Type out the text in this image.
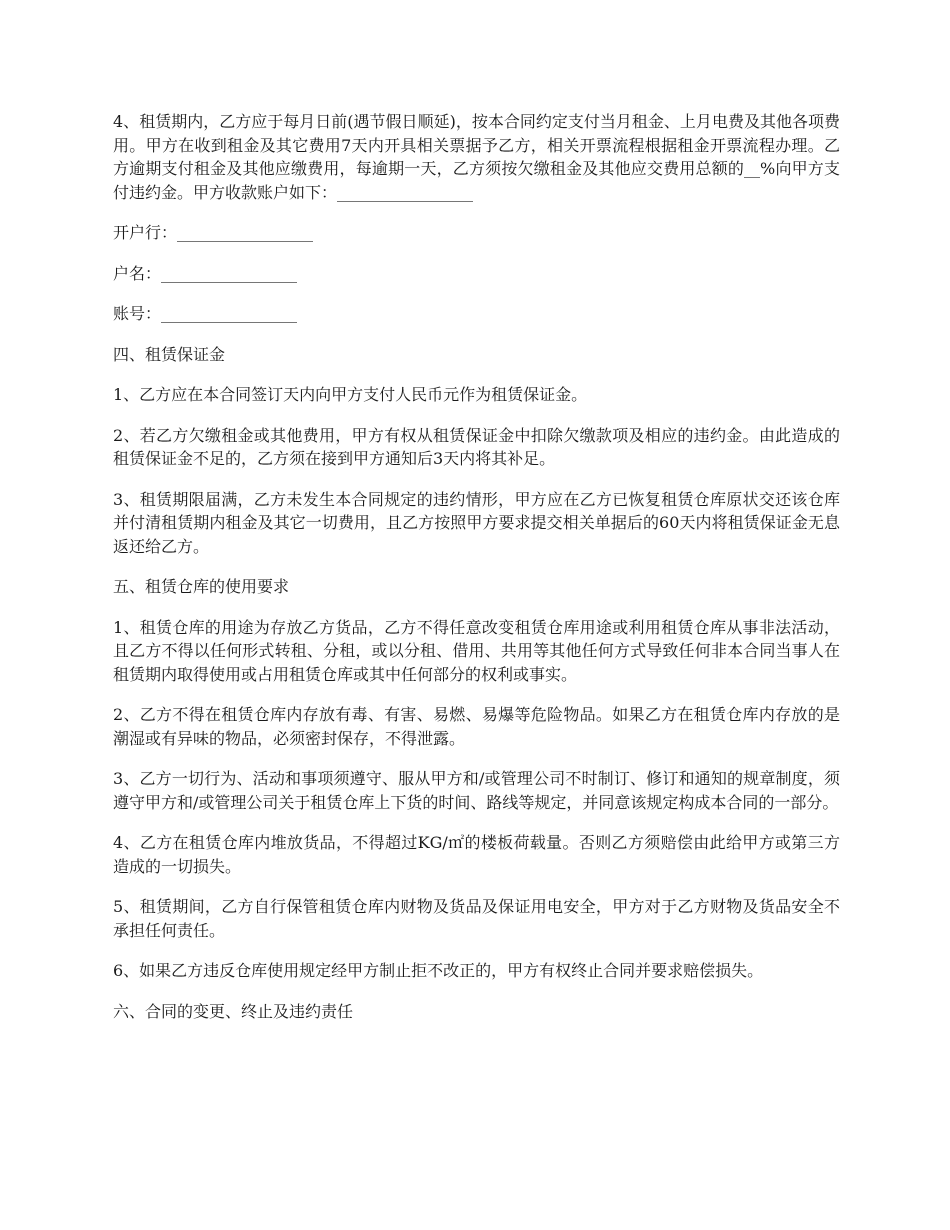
4、租赁期内，乙方应于每月日前(遇节假日顺延)，按本合同约定支付当月租金、上月电费及其他各项费用。甲方在收到租金及其它费用7天内开具相关票据予乙方，相关开票流程根据租金开票流程办理。乙方逾期支付租金及其他应缴费用，每逾期一天，乙方须按欠缴租金及其他应交费用总额的__%向甲方支付违约金。甲方收款账户如下：_________________

开户行：_________________

户名：_________________

账号：_________________

四、租赁保证金

1、乙方应在本合同签订天内向甲方支付人民币元作为租赁保证金。

2、若乙方欠缴租金或其他费用，甲方有权从租赁保证金中扣除欠缴款项及相应的违约金。由此造成的租赁保证金不足的，乙方须在接到甲方通知后3天内将其补足。

3、租赁期限届满，乙方未发生本合同规定的违约情形，甲方应在乙方已恢复租赁仓库原状交还该仓库并付清租赁期内租金及其它一切费用，且乙方按照甲方要求提交相关单据后的60天内将租赁保证金无息返还给乙方。

五、租赁仓库的使用要求

1、租赁仓库的用途为存放乙方货品，乙方不得任意改变租赁仓库用途或利用租赁仓库从事非法活动，且乙方不得以任何形式转租、分租，或以分租、借用、共用等其他任何方式导致任何非本合同当事人在租赁期内取得使用或占用租赁仓库或其中任何部分的权利或事实。

2、乙方不得在租赁仓库内存放有毒、有害、易燃、易爆等危险物品。如果乙方在租赁仓库内存放的是潮湿或有异味的物品，必须密封保存，不得泄露。

3、乙方一切行为、活动和事项须遵守、服从甲方和/或管理公司不时制订、修订和通知的规章制度，须遵守甲方和/或管理公司关于租赁仓库上下货的时间、路线等规定，并同意该规定构成本合同的一部分。

4、乙方在租赁仓库内堆放货品，不得超过KG/㎡的楼板荷载量。否则乙方须赔偿由此给甲方或第三方造成的一切损失。

5、租赁期间，乙方自行保管租赁仓库内财物及货品及保证用电安全，甲方对于乙方财物及货品安全不承担任何责任。

6、如果乙方违反仓库使用规定经甲方制止拒不改正的，甲方有权终止合同并要求赔偿损失。

六、合同的变更、终止及违约责任
